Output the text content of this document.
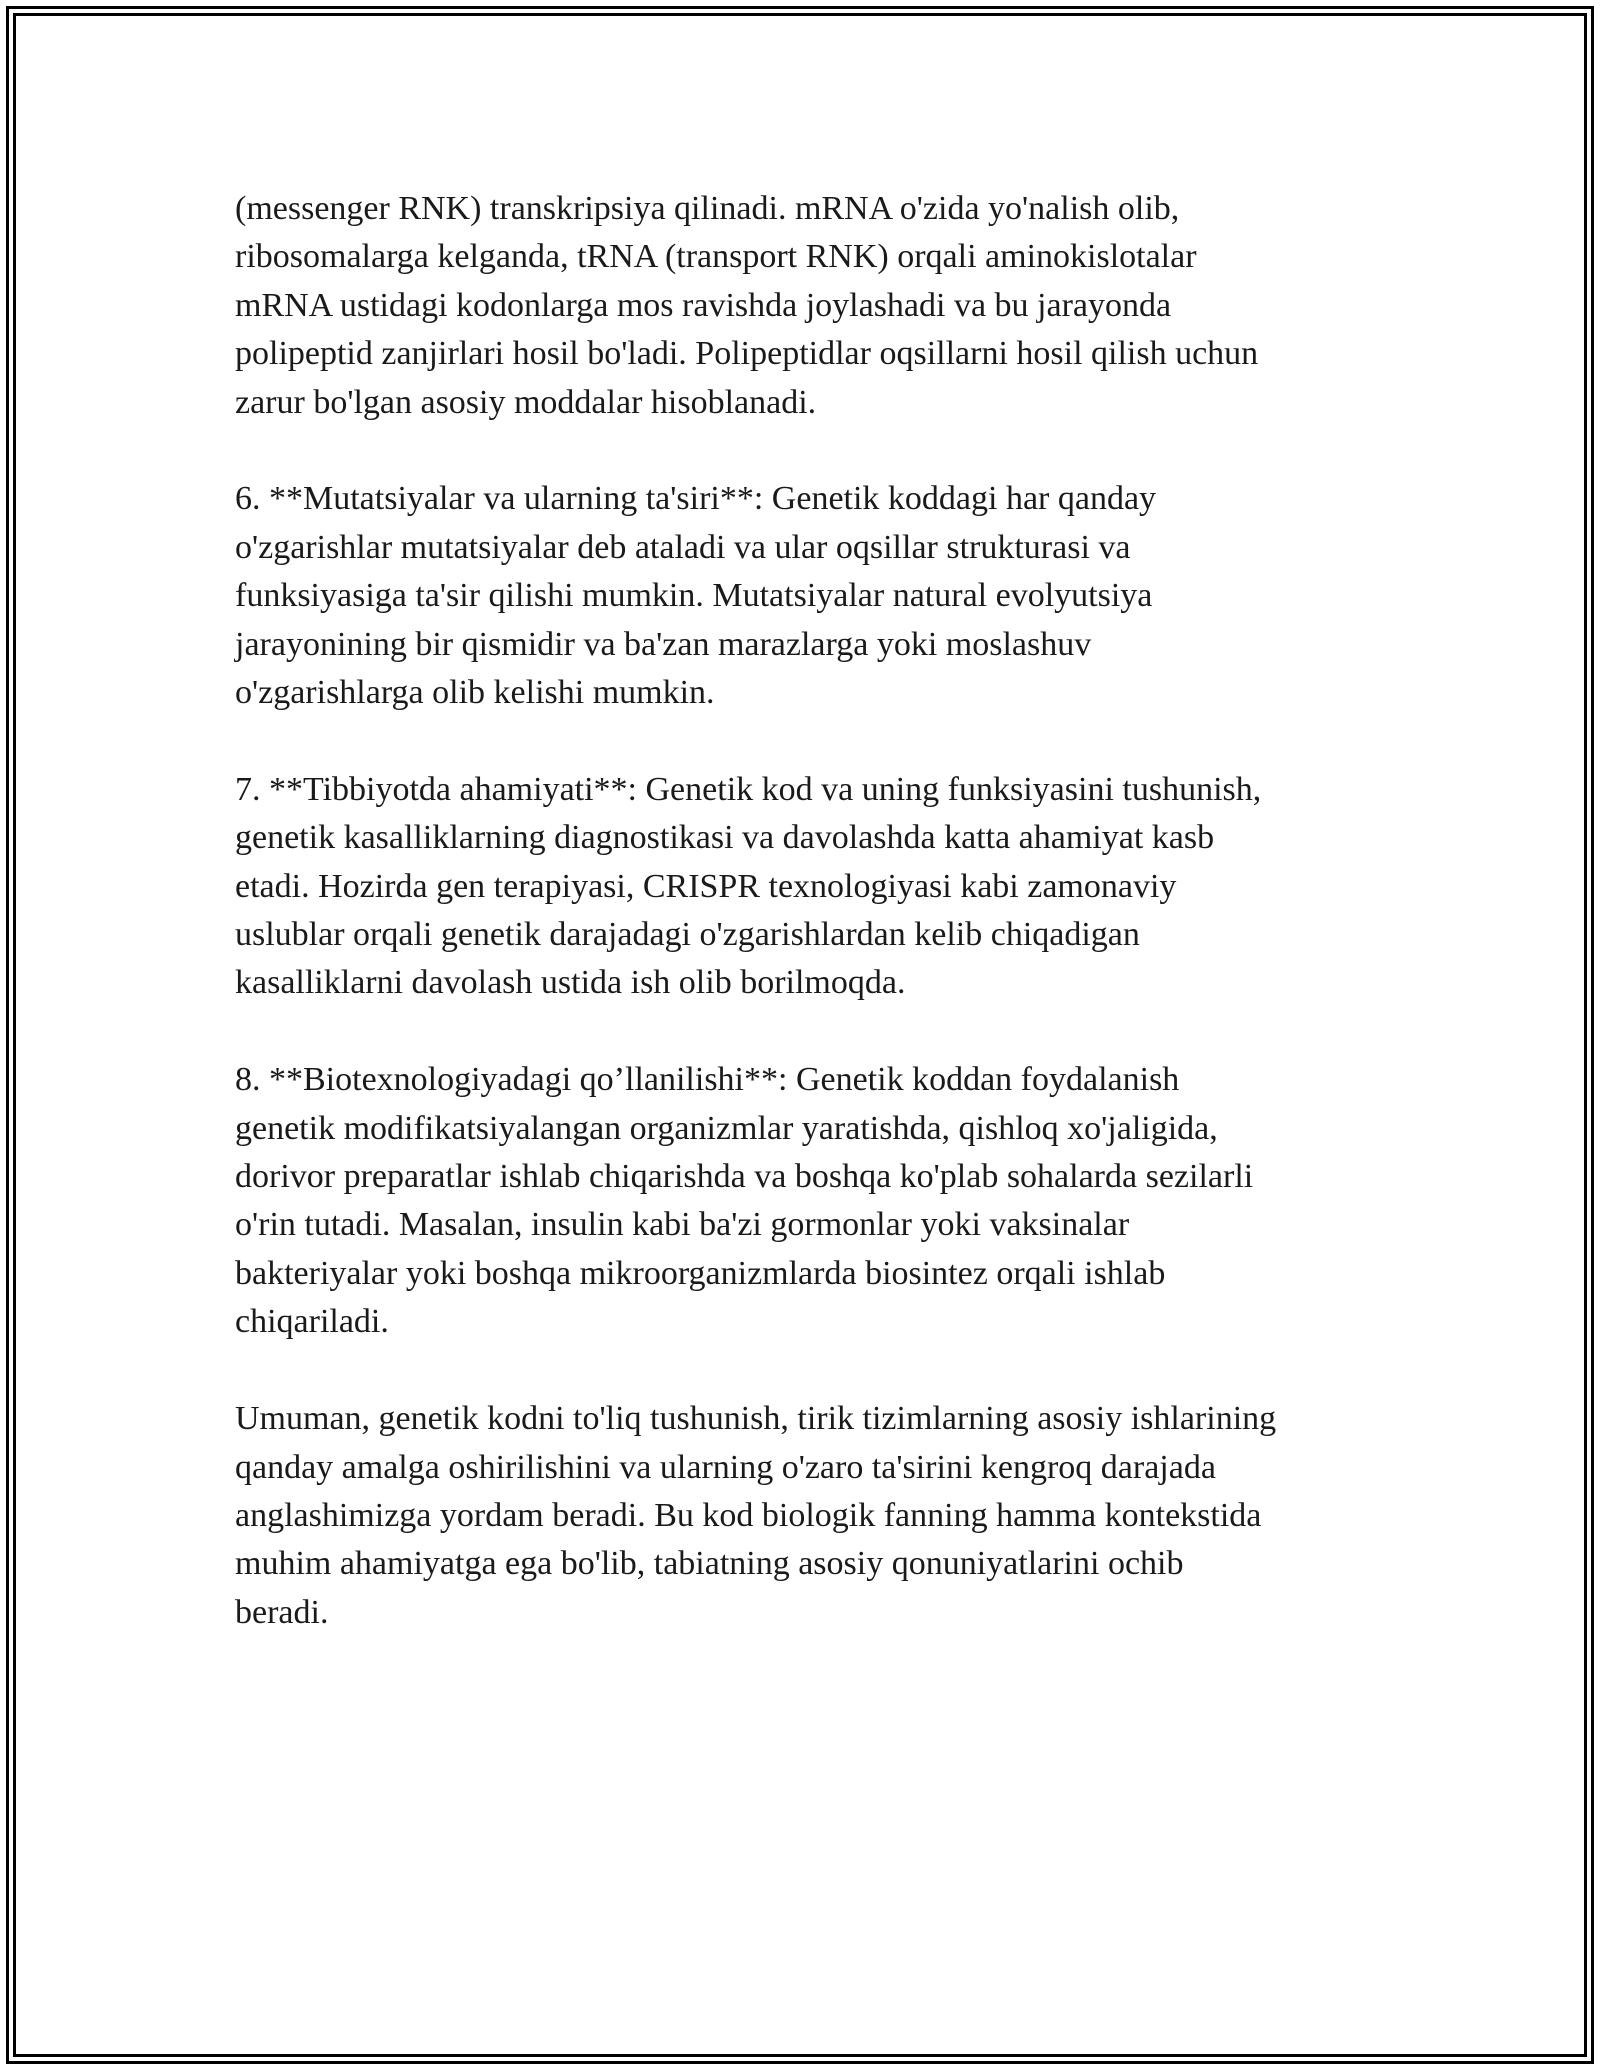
(messenger RNK) transkripsiya qilinadi. mRNA o'zida yo'nalish olib,
ribosomalarga kelganda, tRNA (transport RNK) orqali aminokislotalar
mRNA ustidagi kodonlarga mos ravishda joylashadi va bu jarayonda
polipeptid zanjirlari hosil bo'ladi. Polipeptidlar oqsillarni hosil qilish uchun
zarur bo'lgan asosiy moddalar hisoblanadi.

6. **Mutatsiyalar va ularning ta'siri**: Genetik koddagi har qanday
o'zgarishlar mutatsiyalar deb ataladi va ular oqsillar strukturasi va
funksiyasiga ta'sir qilishi mumkin. Mutatsiyalar natural evolyutsiya
jarayonining bir qismidir va ba'zan marazlarga yoki moslashuv
o'zgarishlarga olib kelishi mumkin.

7. **Tibbiyotda ahamiyati**: Genetik kod va uning funksiyasini tushunish,
genetik kasalliklarning diagnostikasi va davolashda katta ahamiyat kasb
etadi. Hozirda gen terapiyasi, CRISPR texnologiyasi kabi zamonaviy
uslublar orqali genetik darajadagi o'zgarishlardan kelib chiqadigan
kasalliklarni davolash ustida ish olib borilmoqda.

8. **Biotexnologiyadagi qo’llanilishi**: Genetik koddan foydalanish
genetik modifikatsiyalangan organizmlar yaratishda, qishloq xo'jaligida,
dorivor preparatlar ishlab chiqarishda va boshqa ko'plab sohalarda sezilarli
o'rin tutadi. Masalan, insulin kabi ba'zi gormonlar yoki vaksinalar
bakteriyalar yoki boshqa mikroorganizmlarda biosintez orqali ishlab
chiqariladi.

Umuman, genetik kodni to'liq tushunish, tirik tizimlarning asosiy ishlarining
qanday amalga oshirilishini va ularning o'zaro ta'sirini kengroq darajada
anglashimizga yordam beradi. Bu kod biologik fanning hamma kontekstida
muhim ahamiyatga ega bo'lib, tabiatning asosiy qonuniyatlarini ochib
beradi.
